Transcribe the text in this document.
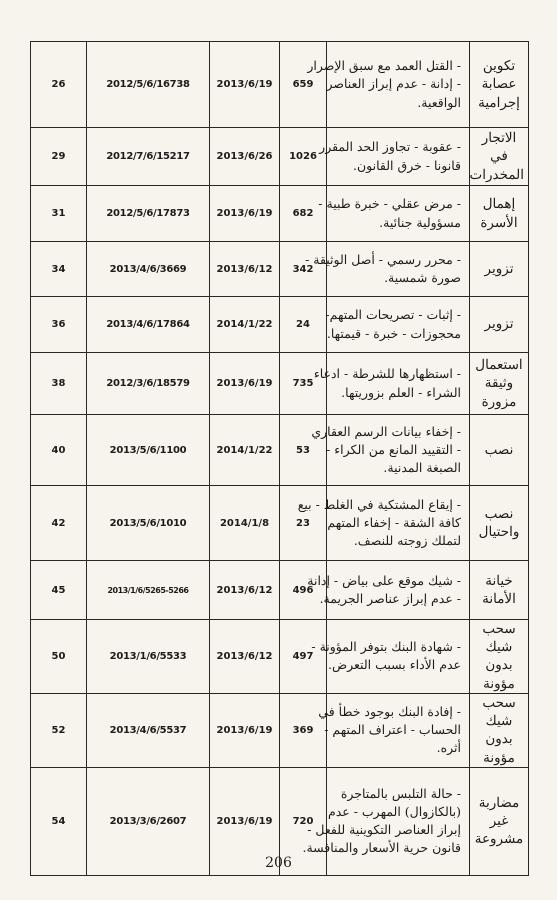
26	2012/5/6/16738	2013/6/19	659	- القتل العمد مع سبق الإصرار
- إدانة - عدم إبراز العناصر
الواقعية.	تكوين عصابة إجرامية
29	2012/7/6/15217	2013/6/26	1026	- عقوبة - تجاوز الحد المقرر
قانونا - خرق القانون.	الاتجار في المخدرات
31	2012/5/6/17873	2013/6/19	682	- مرض عقلي - خبرة طبية -
مسؤولية جنائية.	إهمال الأسرة
34	2013/4/6/3669	2013/6/12	342	- محرر رسمي - أصل الوثيقة -
صورة شمسية.	تزوير
36	2013/4/6/17864	2014/1/22	24	- إثبات - تصريحات المتهم-
محجوزات - خبرة - قيمتها.	تزوير
38	2012/3/6/18579	2013/6/19	735	- استظهارها للشرطة - ادعاء
الشراء - العلم بزوريتها.	استعمال وثيقة مزورة
40	2013/5/6/1100	2014/1/22	53	- إخفاء بيانات الرسم العقاري
- التقييد المانع من الكراء -
الصبغة المدنية.	نصب
42	2013/5/6/1010	2014/1/8	23	- إيقاع المشتكية في الغلط - بيع
كافة الشقة - إخفاء المتهم
لتملك زوجته للنصف.	نصب واحتيال
45	2013/1/6/5265-5266	2013/6/12	496	- شيك موقع على بياض - إدانة
- عدم إبراز عناصر الجريمة.	خيانة الأمانة
50	2013/1/6/5533	2013/6/12	497	- شهادة البنك بتوفر المؤونة -
عدم الأداء بسبب التعرض.	سحب شيك بدون مؤونة
52	2013/4/6/5537	2013/6/19	369	- إفادة البنك بوجود خطأ في
الحساب - اعتراف المتهم -
أثره.	سحب شيك بدون مؤونة
54	2013/3/6/2607	2013/6/19	720	- حالة التلبس بالمتاجرة
(بالكازوال) المهرب - عدم
إبراز العناصر التكوينية للفعل -
قانون حرية الأسعار والمنافسة.	مضاربة غير مشروعة
206
